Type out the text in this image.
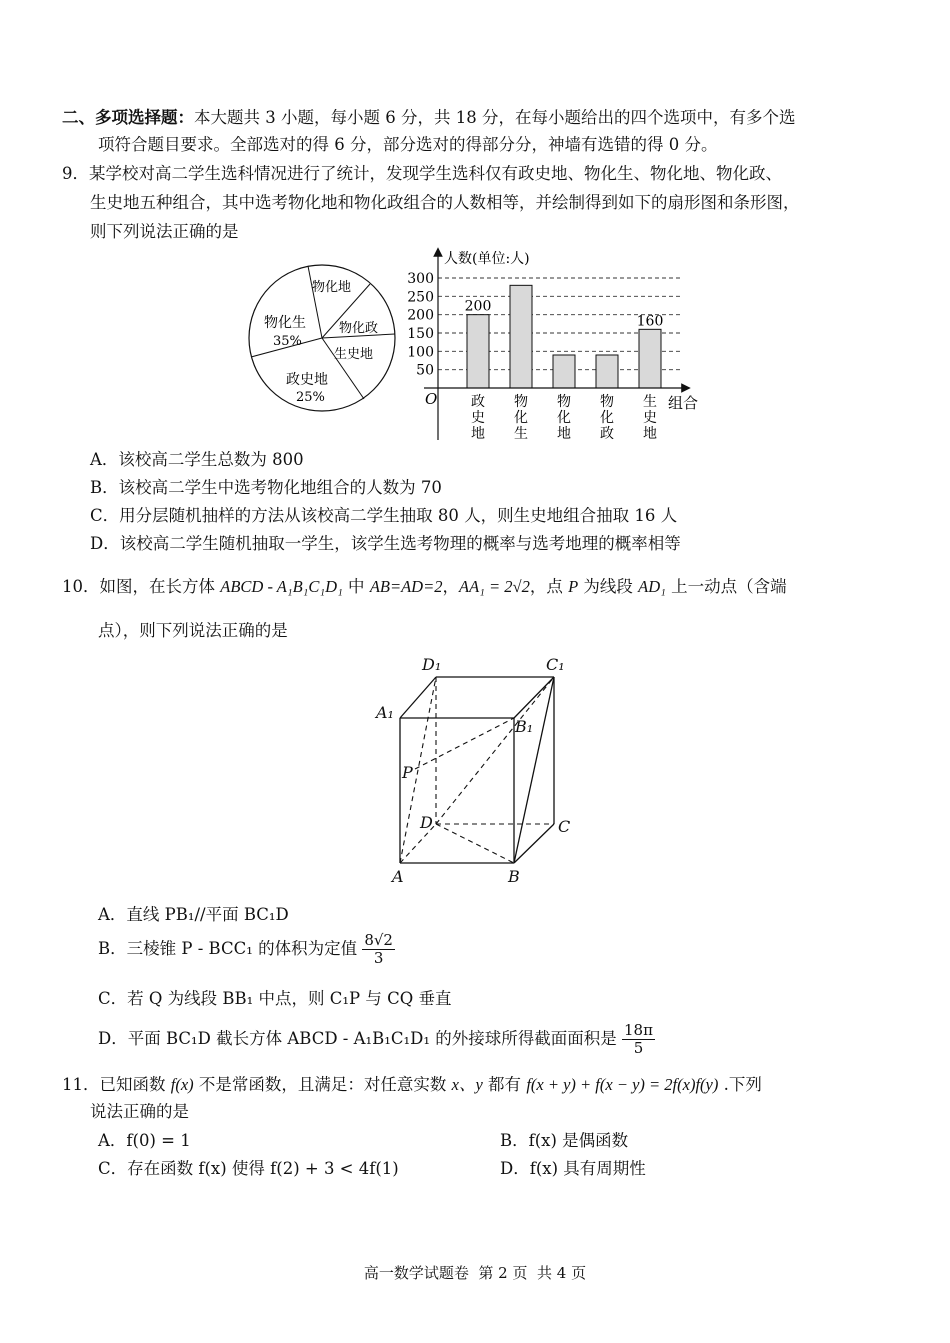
二、多项选择题：本大题共 3 小题，每小题 6 分，共 18 分，在每小题给出的四个选项中，有多个选
项符合题目要求。全部选对的得 6 分，部分选对的得部分分，神墙有选错的得 0 分。
9．某学校对高二学生选科情况进行了统计，发现学生选科仅有政史地、物化生、物化地、物化政、
生史地五种组合，其中选考物化地和物化政组合的人数相等，并绘制得到如下的扇形图和条形图，
则下列说法正确的是
物化生
35%
物化地
物化政
生史地
政史地
25%
人数(单位:人)
组合
O
50
100
150
200
250
300
政
史
地
物
化
生
物
化
地
物
化
政
生
史
地
200
160
A．该校高二学生总数为 800
B．该校高二学生中选考物化地组合的人数为 70
C．用分层随机抽样的方法从该校高二学生抽取 80 人，则生史地组合抽取 16 人
D．该校高二学生随机抽取一学生，该学生选考物理的概率与选考地理的概率相等
10．如图，在长方体 ABCD - A₁B₁C₁D₁ 中 AB=AD=2，AA₁ = 2√2，点 P 为线段 AD₁ 上一动点（含端
点），则下列说法正确的是
D₁	C₁
A₁
B₁
P
D	C
A	B
A．直线 PB₁//平面 BC₁D
B．三棱锥 P - BCC₁ 的体积为定值 $\frac{8√2}{3}$
C．若 Q 为线段 BB₁ 中点，则 C₁P 与 CQ 垂直
D．平面 BC₁D 截长方体 ABCD - A₁B₁C₁D₁ 的外接球所得截面面积是 $\frac{18\pi}{5}$
11．已知函数 f(x) 不是常函数，且满足：对任意实数 x、y 都有 f(x + y) + f(x − y) = 2f(x)f(y) .下列
说法正确的是
A．f(0) = 1	B．f(x) 是偶函数
C．存在函数 f(x) 使得 f(2) + 3 < 4f(1)	D．f(x) 具有周期性
高一数学试题卷  第 2 页  共 4 页
